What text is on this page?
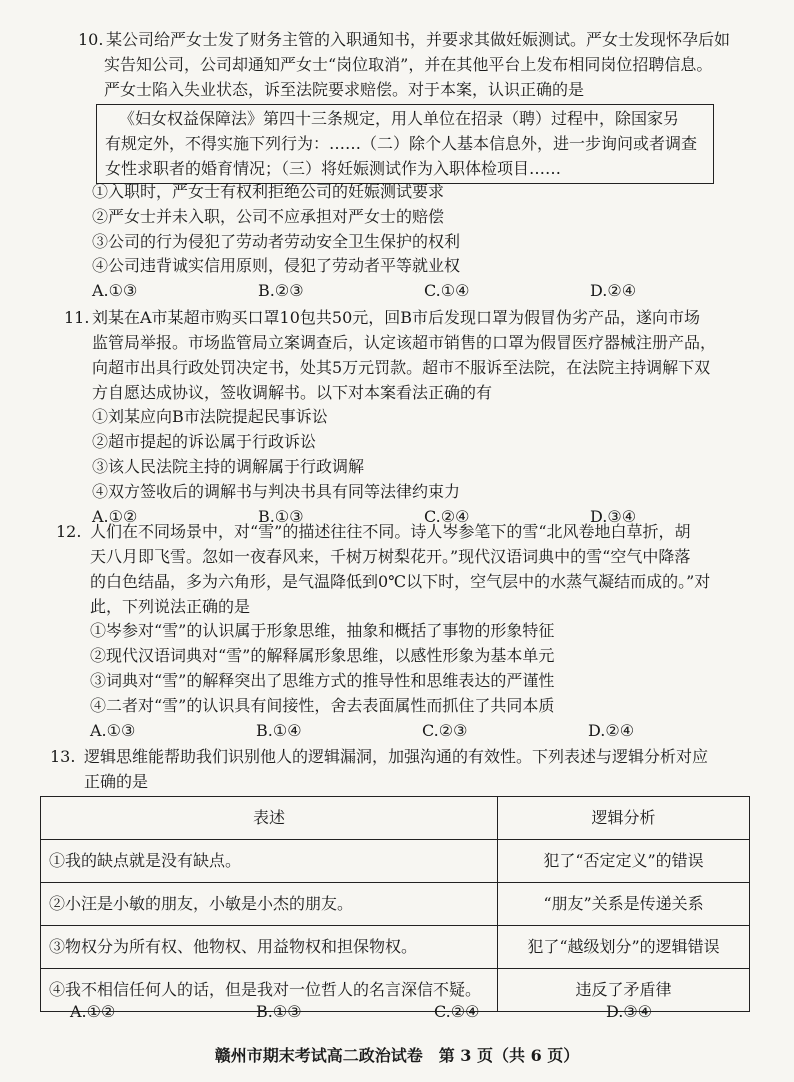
10. 某公司给严女士发了财务主管的入职通知书，并要求其做妊娠测试。严女士发现怀孕后如
实告知公司，公司却通知严女士“岗位取消”，并在其他平台上发布相同岗位招聘信息。
严女士陷入失业状态，诉至法院要求赔偿。对于本案，认识正确的是
《妇女权益保障法》第四十三条规定，用人单位在招录（聘）过程中，除国家另
有规定外，不得实施下列行为：……（二）除个人基本信息外，进一步询问或者调查
女性求职者的婚育情况；（三）将妊娠测试作为入职体检项目……
①入职时，严女士有权利拒绝公司的妊娠测试要求
②严女士并未入职，公司不应承担对严女士的赔偿
③公司的行为侵犯了劳动者劳动安全卫生保护的权利
④公司违背诚实信用原则，侵犯了劳动者平等就业权
A.①③	B.②③	C.①④	D.②④
11. 刘某在A市某超市购买口罩10包共50元，回B市后发现口罩为假冒伪劣产品，遂向市场
监管局举报。市场监管局立案调查后，认定该超市销售的口罩为假冒医疗器械注册产品，
向超市出具行政处罚决定书，处其5万元罚款。超市不服诉至法院，在法院主持调解下双
方自愿达成协议，签收调解书。以下对本案看法正确的有
①刘某应向B市法院提起民事诉讼
②超市提起的诉讼属于行政诉讼
③该人民法院主持的调解属于行政调解
④双方签收后的调解书与判决书具有同等法律约束力
A.①②	B.①③	C.②④	D.③④
12. 人们在不同场景中，对“雪”的描述往往不同。诗人岑参笔下的雪“北风卷地白草折，胡
天八月即飞雪。忽如一夜春风来，千树万树梨花开。”现代汉语词典中的雪“空气中降落
的白色结晶，多为六角形，是气温降低到0℃以下时，空气层中的水蒸气凝结而成的。”对
此，下列说法正确的是
①岑参对“雪”的认识属于形象思维，抽象和概括了事物的形象特征
②现代汉语词典对“雪”的解释属形象思维，以感性形象为基本单元
③词典对“雪”的解释突出了思维方式的推导性和思维表达的严谨性
④二者对“雪”的认识具有间接性，舍去表面属性而抓住了共同本质
A.①③	B.①④	C.②③	D.②④
13. 逻辑思维能帮助我们识别他人的逻辑漏洞，加强沟通的有效性。下列表述与逻辑分析对应
正确的是
表述	逻辑分析
①我的缺点就是没有缺点。	犯了“否定定义”的错误
②小汪是小敏的朋友，小敏是小杰的朋友。	“朋友”关系是传递关系
③物权分为所有权、他物权、用益物权和担保物权。	犯了“越级划分”的逻辑错误
④我不相信任何人的话，但是我对一位哲人的名言深信不疑。	违反了矛盾律
A.①②	B.①③	C.②④	D.③④
赣州市期末考试高二政治试卷　第 3 页（共 6 页）
